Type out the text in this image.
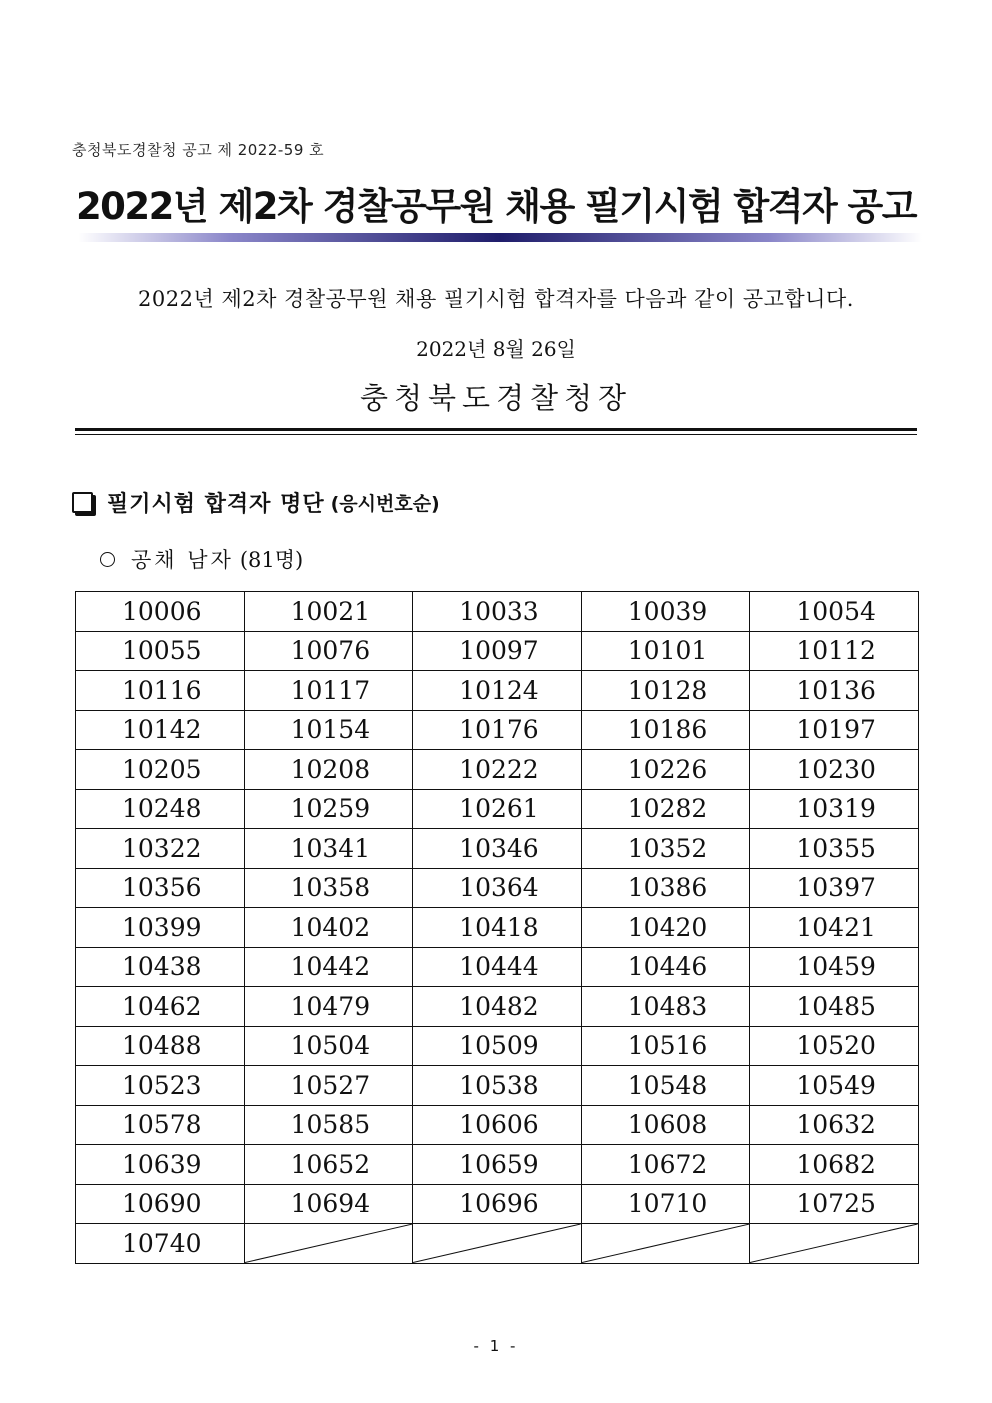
충청북도경찰청 공고 제 2022-59 호
2022년 제2차 경찰공무원 채용 필기시험 합격자 공고
2022년 제2차 경찰공무원 채용 필기시험 합격자를 다음과 같이 공고합니다.
2022년 8월 26일
충청북도경찰청장
필기시험 합격자 명단 (응시번호순)
공채 남자 (81명)
10006	10021	10033	10039	10054
10055	10076	10097	10101	10112
10116	10117	10124	10128	10136
10142	10154	10176	10186	10197
10205	10208	10222	10226	10230
10248	10259	10261	10282	10319
10322	10341	10346	10352	10355
10356	10358	10364	10386	10397
10399	10402	10418	10420	10421
10438	10442	10444	10446	10459
10462	10479	10482	10483	10485
10488	10504	10509	10516	10520
10523	10527	10538	10548	10549
10578	10585	10606	10608	10632
10639	10652	10659	10672	10682
10690	10694	10696	10710	10725
10740	

- 1 -
